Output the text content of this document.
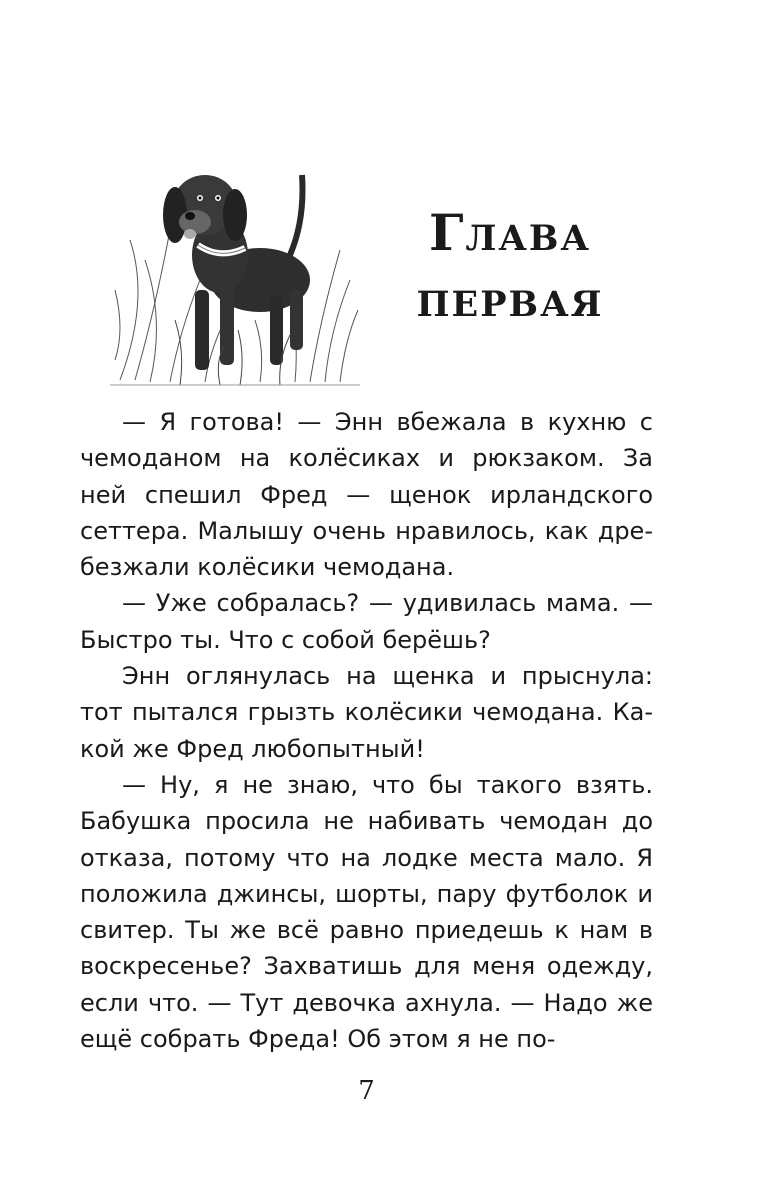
Глава
первая

— Я готова! — Энн вбежала в кухню с чемоданом на колёсиках и рюкзаком. За ней спешил Фред — щенок ирландского сеттера. Малышу очень нравилось, как дребезжали колёсики чемодана.

— Уже собралась? — удивилась мама. — Быстро ты. Что с собой берёшь?

Энн оглянулась на щенка и прыснула: тот пытался грызть колёсики чемодана. Какой же Фред любопытный!

— Ну, я не знаю, что бы такого взять. Бабушка просила не набивать чемодан до отказа, потому что на лодке места мало. Я положила джинсы, шорты, пару футболок и свитер. Ты же всё равно приедешь к нам в воскресенье? Захватишь для меня одежду, если что. — Тут девочка ахнула. — Надо же ещё собрать Фреда! Об этом я не по-

7
